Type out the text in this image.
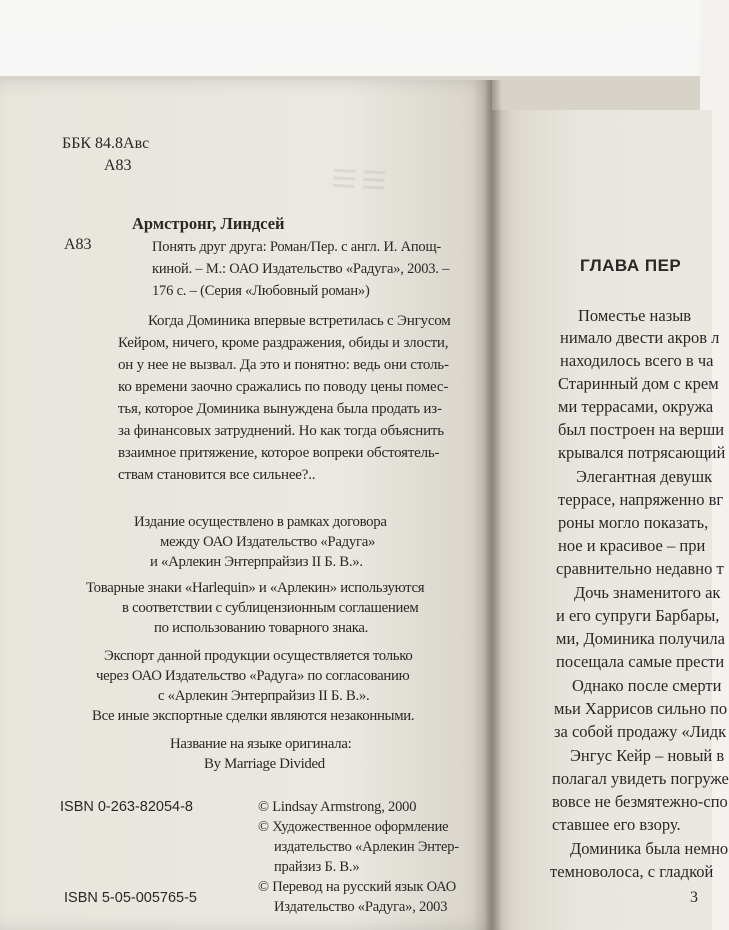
≡≡
ББК 84.8Авс
А83
Армстронг, Линдсей
А83	Понять друг друга: Роман/Пер. с англ. И. Апощ-
киной. – М.: ОАО Издательство «Радуга», 2003. –
176 с. – (Серия «Любовный роман»)
Когда Доминика впервые встретилась с Энгусом
Кейром, ничего, кроме раздражения, обиды и злости,
он у нее не вызвал. Да это и понятно: ведь они столь-
ко времени заочно сражались по поводу цены помес-
тья, которое Доминика вынуждена была продать из-
за финансовых затруднений. Но как тогда объяснить
взаимное притяжение, которое вопреки обстоятель-
ствам становится все сильнее?..
Издание осуществлено в рамках договора
между ОАО Издательство «Радуга»
и «Арлекин Энтерпрайзиз II Б. В.».
Товарные знаки «Harlequin» и «Арлекин» используются
в соответствии с сублицензионным соглашением
по использованию товарного знака.
Экспорт данной продукции осуществляется только
через ОАО Издательство «Радуга» по согласованию
с «Арлекин Энтерпрайзиз II Б. В.».
Все иные экспортные сделки являются незаконными.
Название на языке оригинала:
By Marriage Divided
ISBN 0-263-82054-8
ISBN 5-05-005765-5
© Lindsay Armstrong, 2000
© Художественное оформление
издательство «Арлекин Энтер-
прайзиз Б. В.»
© Перевод на русский язык ОАО
Издательство «Радуга», 2003
ГЛАВА ПЕР
Поместье назыв
нимало двести акров л
находилось всего в ча
Старинный дом с крем
ми террасами, окружа
был построен на верши
крывался потрясающий
Элегантная девушк
террасе, напряженно вг
роны могло показать,
ное и красивое – при
сравнительно недавно т
Дочь знаменитого ак
и его супруги Барбары,
ми, Доминика получила
посещала самые прести
Однако после смерти
мьи Харрисов сильно по
за собой продажу «Лидк
Энгус Кейр – новый в
полагал увидеть погруже
вовсе не безмятежно-спо
ставшее его взору.
Доминика была немно
темноволоса, с гладкой
3
